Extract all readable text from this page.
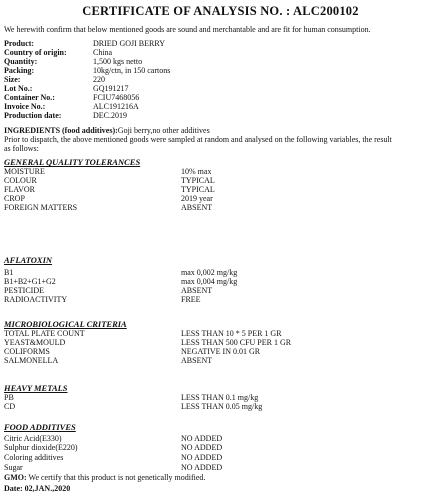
CERTIFICATE OF ANALYSIS NO. : ALC200102
We herewith confirm that below mentioned goods are sound and merchantable and are fit for human consumption.
Product:	DRIED GOJI BERRY
Country of origin:	China
Quantity:	1,500 kgs netto
Packing:	10kg/ctn, in 150 cartons
Size:	220
Lot No.:	GQ191217
Container No.:	FCIU7468056
Invoice No.:	ALC191216A
Production date:	DEC.2019
INGREDIENTS (food additives):Goji berry,no other additives
Prior to dispatch, the above mentioned goods were sampled at random and analysed on the following variables, the result
as follows:
GENERAL QUALITY TOLERANCES
MOISTURE	10% max
COLOUR	TYPICAL
FLAVOR	TYPICAL
CROP	2019 year
FOREIGN MATTERS	ABSENT
AFLATOXIN
B1	max 0,002 mg/kg
B1+B2+G1+G2	max 0,004 mg/kg
PESTICIDE	ABSENT
RADIOACTIVITY	FREE
MICROBIOLOGICAL CRITERIA
TOTAL PLATE COUNT	LESS THAN 10 * 5 PER 1 GR
YEAST&MOULD	LESS THAN 500 CFU PER 1 GR
COLIFORMS	NEGATIVE IN 0.01 GR
SALMONELLA	ABSENT
HEAVY METALS
PB	LESS THAN 0.1 mg/kg
CD	LESS THAN 0.05 mg/kg
FOOD ADDITIVES
Citric Acid(E330)	NO ADDED
Sulphur dioxide(E220)	NO ADDED
Coloring additives	NO ADDED
Sugar	NO ADDED
GMO: We certify that this product is not genetically modified.
Date: 02,JAN.,2020
